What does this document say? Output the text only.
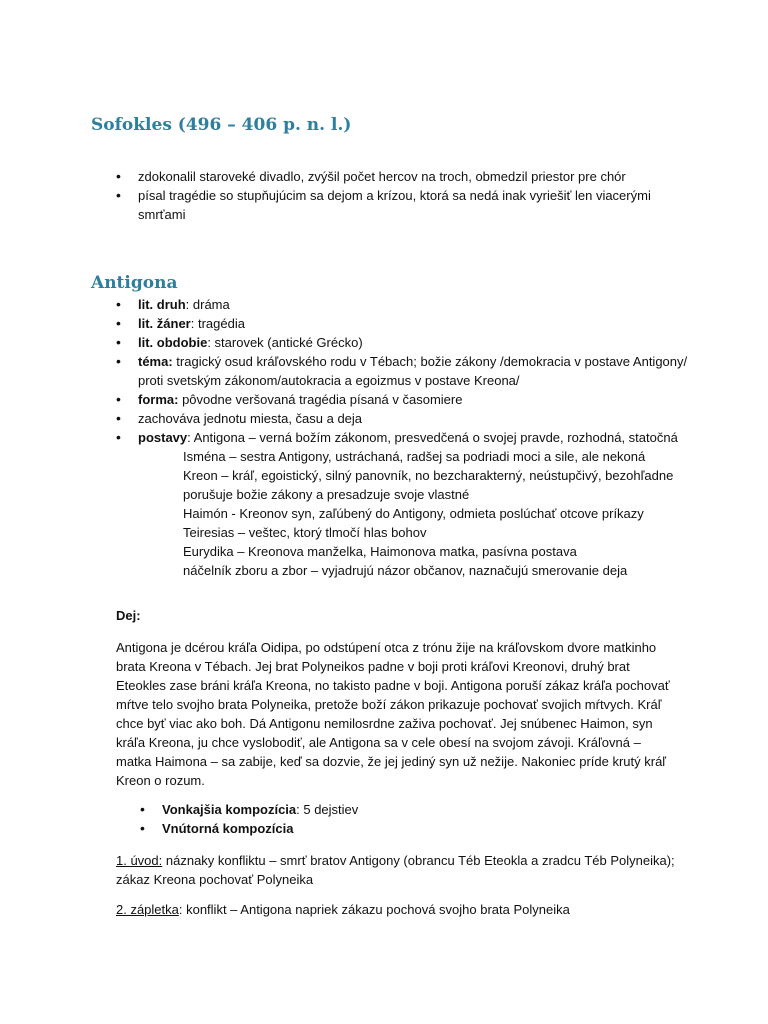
Sofokles (496 – 406 p. n. l.)
• zdokonalil staroveké divadlo, zvýšil počet hercov na troch, obmedzil priestor pre chór
• písal tragédie so stupňujúcim sa dejom a krízou, ktorá sa nedá inak vyriešiť len viacerými smrťami
Antigona
• lit. druh: dráma
• lit. žáner: tragédia
• lit. obdobie: starovek (antické Grécko)
• téma: tragický osud kráľovského rodu v Tébach; božie zákony /demokracia v postave Antigony/ proti svetským zákonom/autokracia a egoizmus v postave Kreona/
• forma: pôvodne veršovaná tragédia písaná v časomiere
• zachováva jednotu miesta, času a deja
• postavy: Antigona – verná božím zákonom, presvedčená o svojej pravde, rozhodná, statočná
Isména – sestra Antigony, ustráchaná, radšej sa podriadi moci a sile, ale nekoná
Kreon – kráľ, egoistický, silný panovník, no bezcharakterný, neústupčivý, bezohľadne
porušuje božie zákony a presadzuje svoje vlastné
Haimón - Kreonov syn, zaľúbený do Antigony, odmieta poslúchať otcove príkazy
Teiresias – veštec, ktorý tlmočí hlas bohov
Eurydika – Kreonova manželka, Haimonova matka, pasívna postava
náčelník zboru a zbor – vyjadrujú názor občanov, naznačujú smerovanie deja
Dej:

Antigona je dcérou kráľa Oidipa, po odstúpení otca z trónu žije na kráľovskom dvore matkinho brata Kreona v Tébach. Jej brat Polyneikos padne v boji proti kráľovi Kreonovi, druhý brat Eteokles zase bráni kráľa Kreona, no takisto padne v boji. Antigona poruší zákaz kráľa pochovať mŕtve telo svojho brata Polyneika, pretože boží zákon prikazuje pochovať svojich mŕtvych. Kráľ chce byť viac ako boh. Dá Antigonu nemilosrdne zaživa pochovať. Jej snúbenec Haimon, syn kráľa Kreona, ju chce vyslobodiť, ale Antigona sa v cele obesí na svojom závoji. Kráľovná – matka Haimona – sa zabije, keď sa dozvie, že jej jediný syn už nežije. Nakoniec príde krutý kráľ Kreon o rozum.

• Vonkajšia kompozícia: 5 dejstiev
• Vnútorná kompozícia

1. úvod: náznaky konfliktu – smrť bratov Antigony (obrancu Téb Eteokla a zradcu Téb Polyneika); zákaz Kreona pochovať Polyneika

2. zápletka: konflikt – Antigona napriek zákazu pochová svojho brata Polyneika
